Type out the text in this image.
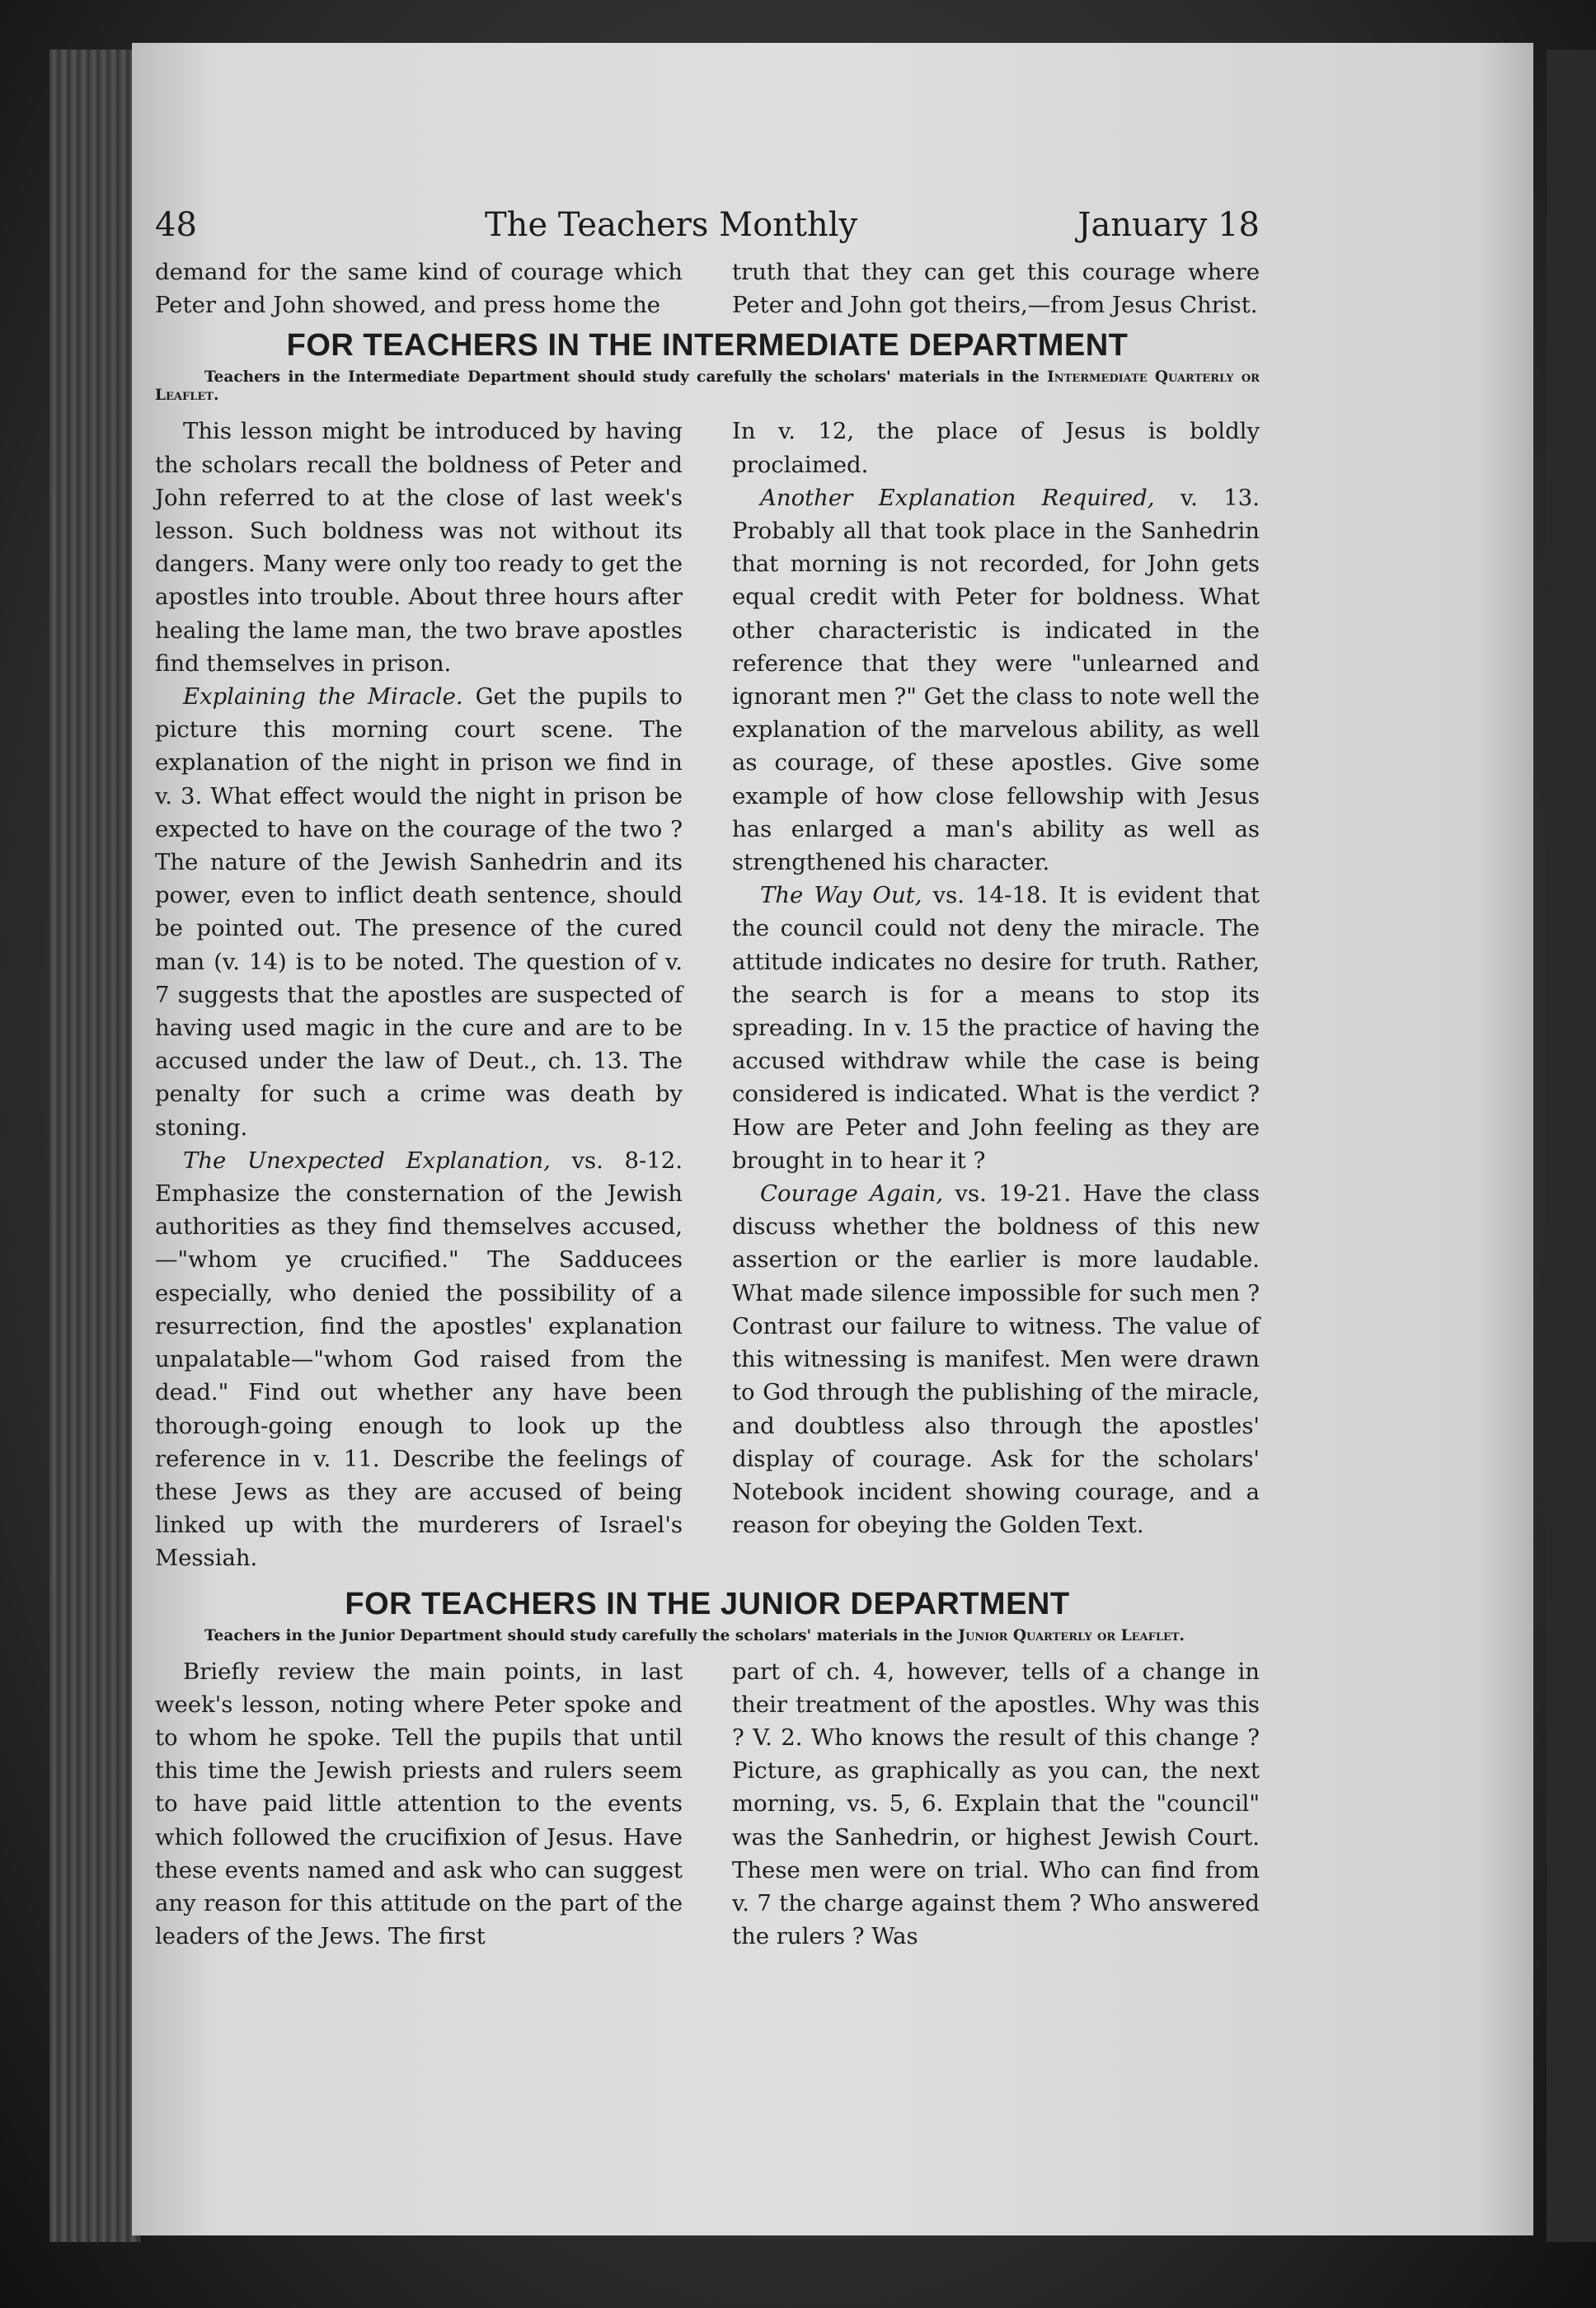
48	The Teachers Monthly	January 18

demand for the same kind of courage which Peter and John showed, and press home the

truth that they can get this courage where Peter and John got theirs,—from Jesus Christ.

FOR TEACHERS IN THE INTERMEDIATE DEPARTMENT

Teachers in the Intermediate Department should study carefully the scholars' materials in the Intermediate Quarterly or Leaflet.

This lesson might be introduced by having the scholars recall the boldness of Peter and John referred to at the close of last week's lesson. Such boldness was not without its dangers. Many were only too ready to get the apostles into trouble. About three hours after healing the lame man, the two brave apostles find themselves in prison.

Explaining the Miracle. Get the pupils to picture this morning court scene. The explanation of the night in prison we find in v. 3. What effect would the night in prison be expected to have on the courage of the two ? The nature of the Jewish Sanhedrin and its power, even to inflict death sentence, should be pointed out. The presence of the cured man (v. 14) is to be noted. The question of v. 7 suggests that the apostles are suspected of having used magic in the cure and are to be accused under the law of Deut., ch. 13. The penalty for such a crime was death by stoning.

The Unexpected Explanation, vs. 8-12. Emphasize the consternation of the Jewish authorities as they find themselves accused,—"whom ye crucified." The Sadducees especially, who denied the possibility of a resurrection, find the apostles' explanation unpalatable—"whom God raised from the dead." Find out whether any have been thorough-going enough to look up the reference in v. 11. Describe the feelings of these Jews as they are accused of being linked up with the murderers of Israel's Messiah.

In v. 12, the place of Jesus is boldly proclaimed.

Another Explanation Required, v. 13. Probably all that took place in the Sanhedrin that morning is not recorded, for John gets equal credit with Peter for boldness. What other characteristic is indicated in the reference that they were "unlearned and ignorant men ?" Get the class to note well the explanation of the marvelous ability, as well as courage, of these apostles. Give some example of how close fellowship with Jesus has enlarged a man's ability as well as strengthened his character.

The Way Out, vs. 14-18. It is evident that the council could not deny the miracle. The attitude indicates no desire for truth. Rather, the search is for a means to stop its spreading. In v. 15 the practice of having the accused withdraw while the case is being considered is indicated. What is the verdict ? How are Peter and John feeling as they are brought in to hear it ?

Courage Again, vs. 19-21. Have the class discuss whether the boldness of this new assertion or the earlier is more laudable. What made silence impossible for such men ? Contrast our failure to witness. The value of this witnessing is manifest. Men were drawn to God through the publishing of the miracle, and doubtless also through the apostles' display of courage. Ask for the scholars' Notebook incident showing courage, and a reason for obeying the Golden Text.

FOR TEACHERS IN THE JUNIOR DEPARTMENT

Teachers in the Junior Department should study carefully the scholars' materials in the Junior Quarterly or Leaflet.

Briefly review the main points, in last week's lesson, noting where Peter spoke and to whom he spoke. Tell the pupils that until this time the Jewish priests and rulers seem to have paid little attention to the events which followed the crucifixion of Jesus. Have these events named and ask who can suggest any reason for this attitude on the part of the leaders of the Jews. The first

part of ch. 4, however, tells of a change in their treatment of the apostles. Why was this ? V. 2. Who knows the result of this change ? Picture, as graphically as you can, the next morning, vs. 5, 6. Explain that the "council" was the Sanhedrin, or highest Jewish Court. These men were on trial. Who can find from v. 7 the charge against them ? Who answered the rulers ? Was
